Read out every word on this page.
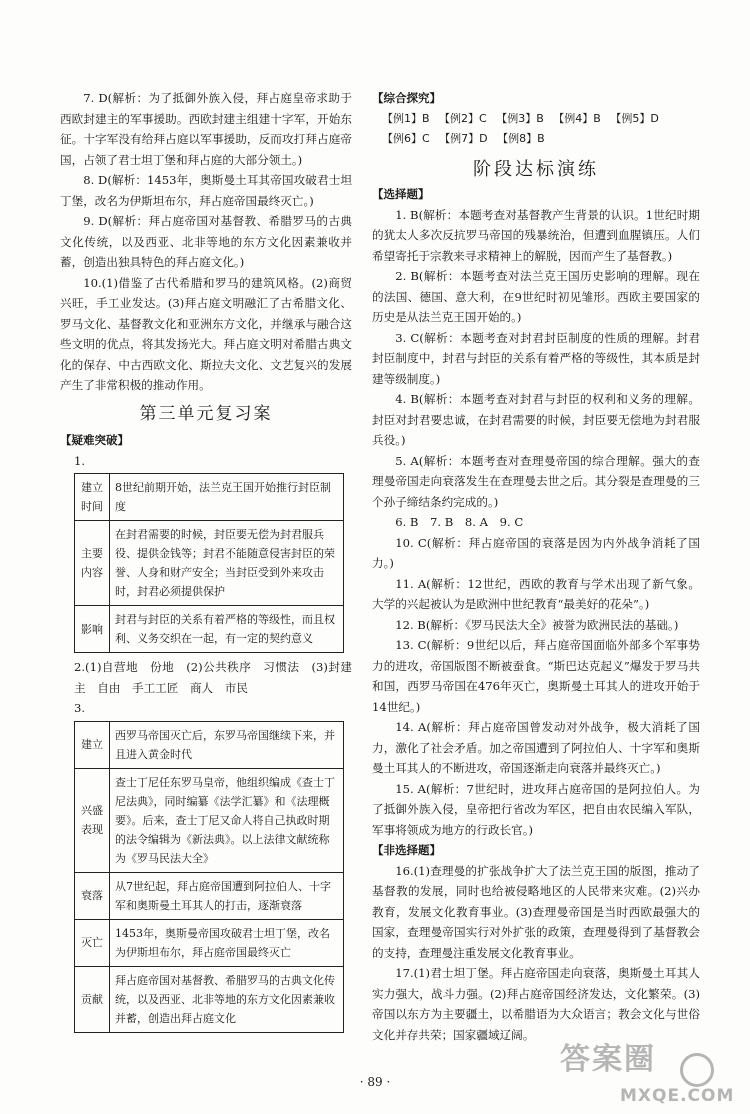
7. D(解析：为了抵御外族入侵，拜占庭皇帝求助于西欧封建主的军事援助。西欧封建主组建十字军，开始东征。十字军没有给拜占庭以军事援助，反而攻打拜占庭帝国，占领了君士坦丁堡和拜占庭的大部分领土。)

8. D(解析：1453年，奥斯曼土耳其帝国攻破君士坦丁堡，改名为伊斯坦布尔，拜占庭帝国最终灭亡。)

9. D(解析：拜占庭帝国对基督教、希腊罗马的古典文化传统，以及西亚、北非等地的东方文化因素兼收并蓄，创造出独具特色的拜占庭文化。)

10.(1)借鉴了古代希腊和罗马的建筑风格。(2)商贸兴旺，手工业发达。(3)拜占庭文明融汇了古希腊文化、罗马文化、基督教文化和亚洲东方文化，并继承与融合这些文明的优点，将其发扬光大。拜占庭文明对希腊古典文化的保存、中古西欧文化、斯拉夫文化、文艺复兴的发展产生了非常积极的推动作用。

第三单元复习案

【疑难突破】

1.

建立时间	8世纪前期开始，法兰克王国开始推行封臣制度
主要内容	在封君需要的时候，封臣要无偿为封君服兵役、提供金钱等；封君不能随意侵害封臣的荣誉、人身和财产安全；当封臣受到外来攻击时，封君必须提供保护
影响	封君与封臣的关系有着严格的等级性，而且权利、义务交织在一起，有一定的契约意义

2.(1)自营地　份地　(2)公共秩序　习惯法　(3)封建主　自由　手工工匠　商人　市民

3.

建立	西罗马帝国灭亡后，东罗马帝国继续下来，并且进入黄金时代
兴盛表现	查士丁尼任东罗马皇帝，他组织编成《查士丁尼法典》，同时编纂《法学汇纂》和《法理概要》。后来，查士丁尼又命人将自己执政时期的法令编辑为《新法典》。以上法律文献统称为《罗马民法大全》
衰落	从7世纪起，拜占庭帝国遭到阿拉伯人、十字军和奥斯曼土耳其人的打击，逐渐衰落
灭亡	1453年，奥斯曼帝国攻破君士坦丁堡，改名为伊斯坦布尔，拜占庭帝国最终灭亡
贡献	拜占庭帝国对基督教、希腊罗马的古典文化传统，以及西亚、北非等地的东方文化因素兼收并蓄，创造出拜占庭文化

【综合探究】

【例1】B 【例2】C 【例3】B 【例4】B 【例5】D

【例6】C 【例7】D 【例8】B

阶段达标演练

【选择题】

1. B(解析：本题考查对基督教产生背景的认识。1世纪时期的犹太人多次反抗罗马帝国的残暴统治，但遭到血腥镇压。人们希望寄托于宗教来寻求精神上的解脱，因而产生了基督教。)

2. B(解析：本题考查对法兰克王国历史影响的理解。现在的法国、德国、意大利，在9世纪时初见雏形。西欧主要国家的历史是从法兰克王国开始的。)

3. C(解析：本题考查对封君封臣制度的性质的理解。封君封臣制度中，封君与封臣的关系有着严格的等级性，其本质是封建等级制度。)

4. B(解析：本题考查对封君与封臣的权利和义务的理解。封臣对封君要忠诚，在封君需要的时候，封臣要无偿地为封君服兵役。)

5. A(解析：本题考查对查理曼帝国的综合理解。强大的查理曼帝国走向衰落发生在查理曼去世之后。其分裂是查理曼的三个孙子缔结条约完成的。)

6. B　7. B　8. A　9. C

10. C(解析：拜占庭帝国的衰落是因为内外战争消耗了国力。)

11. A(解析：12世纪，西欧的教育与学术出现了新气象。大学的兴起被认为是欧洲中世纪教育“最美好的花朵”。)

12. B(解析：《罗马民法大全》被誉为欧洲民法的基础。)

13. C(解析：9世纪以后，拜占庭帝国面临外部多个军事势力的进攻，帝国版图不断被蚕食。“斯巴达克起义”爆发于罗马共和国，西罗马帝国在476年灭亡，奥斯曼土耳其人的进攻开始于14世纪。)

14. A(解析：拜占庭帝国曾发动对外战争，极大消耗了国力，激化了社会矛盾。加之帝国遭到了阿拉伯人、十字军和奥斯曼土耳其人的不断进攻，帝国逐渐走向衰落并最终灭亡。)

15. A(解析：7世纪时，进攻拜占庭帝国的是阿拉伯人。为了抵御外族入侵，皇帝把行省改为军区，把自由农民编入军队，军事将领成为地方的行政长官。)

【非选择题】

16.(1)查理曼的扩张战争扩大了法兰克王国的版图，推动了基督教的发展，同时也给被侵略地区的人民带来灾难。(2)兴办教育，发展文化教育事业。(3)查理曼帝国是当时西欧最强大的国家，查理曼帝国实行对外扩张的政策，查理曼得到了基督教会的支持，查理曼注重发展文化教育事业。

17.(1)君士坦丁堡。拜占庭帝国走向衰落，奥斯曼土耳其人实力强大，战斗力强。(2)拜占庭帝国经济发达，文化繁荣。(3)帝国以东方为主要疆土，以希腊语为大众语言；教会文化与世俗文化并存共荣；国家疆域辽阔。

· 89 ·
答案圈
MXQE.COM
